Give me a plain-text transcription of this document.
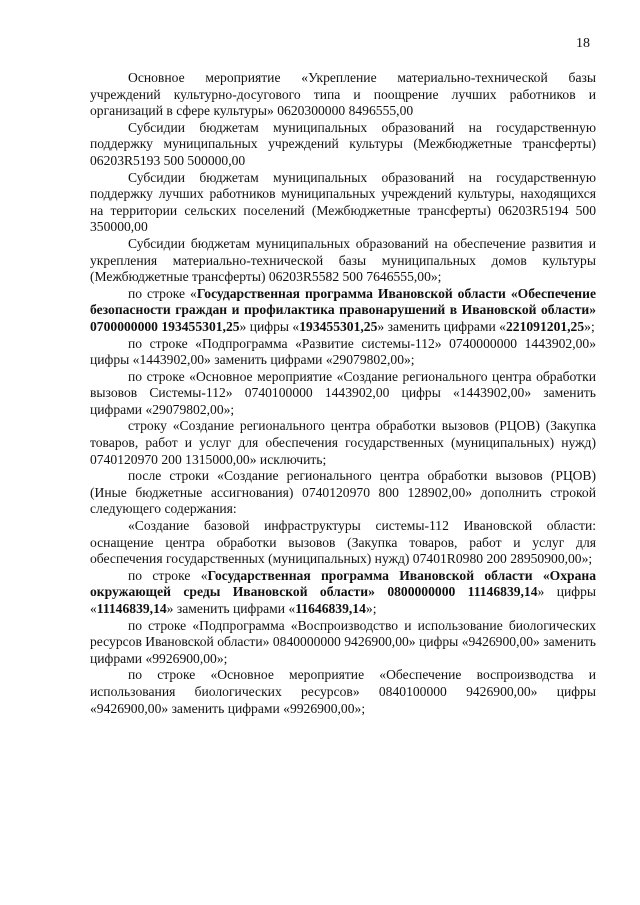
18

Основное мероприятие «Укрепление материально-технической базы учреждений культурно-досугового типа и поощрение лучших работников и организаций в сфере культуры» 0620300000 8496555,00

Субсидии бюджетам муниципальных образований на государственную поддержку муниципальных учреждений культуры (Межбюджетные трансферты) 06203R5193 500 500000,00

Субсидии бюджетам муниципальных образований на государственную поддержку лучших работников муниципальных учреждений культуры, находящихся на территории сельских поселений (Межбюджетные трансферты) 06203R5194 500 350000,00

Субсидии бюджетам муниципальных образований на обеспечение развития и укрепления материально-технической базы муниципальных домов культуры (Межбюджетные трансферты) 06203R5582 500 7646555,00»;

по строке «Государственная программа Ивановской области «Обеспечение безопасности граждан и профилактика правонарушений в Ивановской области» 0700000000 193455301,25» цифры «193455301,25» заменить цифрами «221091201,25»;

по строке «Подпрограмма «Развитие системы-112» 0740000000 1443902,00» цифры «1443902,00» заменить цифрами «29079802,00»;

по строке «Основное мероприятие «Создание регионального центра обработки вызовов Системы-112» 0740100000 1443902,00 цифры «1443902,00» заменить цифрами «29079802,00»;

строку «Создание регионального центра обработки вызовов (РЦОВ) (Закупка товаров, работ и услуг для обеспечения государственных (муниципальных) нужд) 0740120970 200 1315000,00» исключить;

после строки «Создание регионального центра обработки вызовов (РЦОВ) (Иные бюджетные ассигнования) 0740120970 800 128902,00» дополнить строкой следующего содержания:

«Создание базовой инфраструктуры системы-112 Ивановской области: оснащение центра обработки вызовов (Закупка товаров, работ и услуг для обеспечения государственных (муниципальных) нужд) 07401R0980 200 28950900,00»;

по строке «Государственная программа Ивановской области «Охрана окружающей среды Ивановской области» 0800000000 11146839,14» цифры «11146839,14» заменить цифрами «11646839,14»;

по строке «Подпрограмма «Воспроизводство и использование биологических ресурсов Ивановской области» 0840000000 9426900,00» цифры «9426900,00» заменить цифрами «9926900,00»;

по строке «Основное мероприятие «Обеспечение воспроизводства и использования биологических ресурсов» 0840100000 9426900,00» цифры «9426900,00» заменить цифрами «9926900,00»;
